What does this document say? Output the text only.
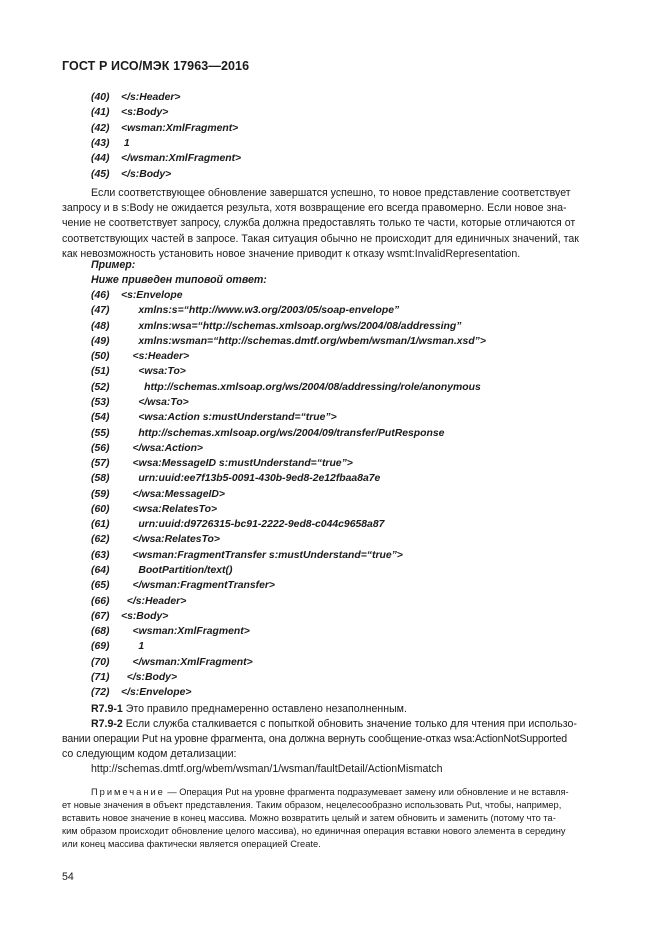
ГОСТ Р ИСО/МЭК 17963—2016
(40) </s:Header>
(41) <s:Body>
(42) <wsman:XmlFragment>
(43) 1
(44) </wsman:XmlFragment>
(45) </s:Body>
Если соответствующее обновление завершатся успешно, то новое представление соответствует
запросу и в s:Body не ожидается результа, хотя возвращение его всегда правомерно. Если новое зна-
чение не соответствует запросу, служба должна предоставлять только те части, которые отличаются от
соответствующих частей в запросе. Такая ситуация обычно не происходит для единичных значений, так
как невозможность установить новое значение приводит к отказу wsmt:InvalidRepresentation.
Пример:
Ниже приведен типовой ответ:
(46) <s:Envelope
(47)      xmlns:s=“http://www.w3.org/2003/05/soap-envelope”
(48)      xmlns:wsa=“http://schemas.xmlsoap.org/ws/2004/08/addressing”
(49)      xmlns:wsman=“http://schemas.dmtf.org/wbem/wsman/1/wsman.xsd”>
(50)    <s:Header>
(51)      <wsa:To>
(52)        http://schemas.xmlsoap.org/ws/2004/08/addressing/role/anonymous
(53)      </wsa:To>
(54)      <wsa:Action s:mustUnderstand=“true”>
(55)      http://schemas.xmlsoap.org/ws/2004/09/transfer/PutResponse
(56)    </wsa:Action>
(57)    <wsa:MessageID s:mustUnderstand=“true”>
(58)      urn:uuid:ee7f13b5-0091-430b-9ed8-2e12fbaa8a7e
(59)    </wsa:MessageID>
(60)    <wsa:RelatesTo>
(61)      urn:uuid:d9726315-bc91-2222-9ed8-c044c9658a87
(62)    </wsa:RelatesTo>
(63)    <wsman:FragmentTransfer s:mustUnderstand=“true”>
(64)      BootPartition/text()
(65)    </wsman:FragmentTransfer>
(66)  </s:Header>
(67) <s:Body>
(68)    <wsman:XmlFragment>
(69)      1
(70)    </wsman:XmlFragment>
(71)  </s:Body>
(72) </s:Envelope>
R7.9-1 Это правило преднамеренно оставлено незаполненным.
R7.9-2 Если служба сталкивается с попыткой обновить значение только для чтения при использо-
вании операции Put на уровне фрагмента, она должна вернуть сообщение-отказ wsa:ActionNotSupported
со следующим кодом детализации:
http://schemas.dmtf.org/wbem/wsman/1/wsman/faultDetail/ActionMismatch
Примечание — Операция Put на уровне фрагмента подразумевает замену или обновление и не вставля-
ет новые значения в объект представления. Таким образом, нецелесообразно использовать Put, чтобы, например,
вставить новое значение в конец массива. Можно возвратить целый и затем обновить и заменить (потому что та-
ким образом происходит обновление целого массива), но единичная операция вставки нового элемента в середину
или конец массива фактически является операцией Create.
54
